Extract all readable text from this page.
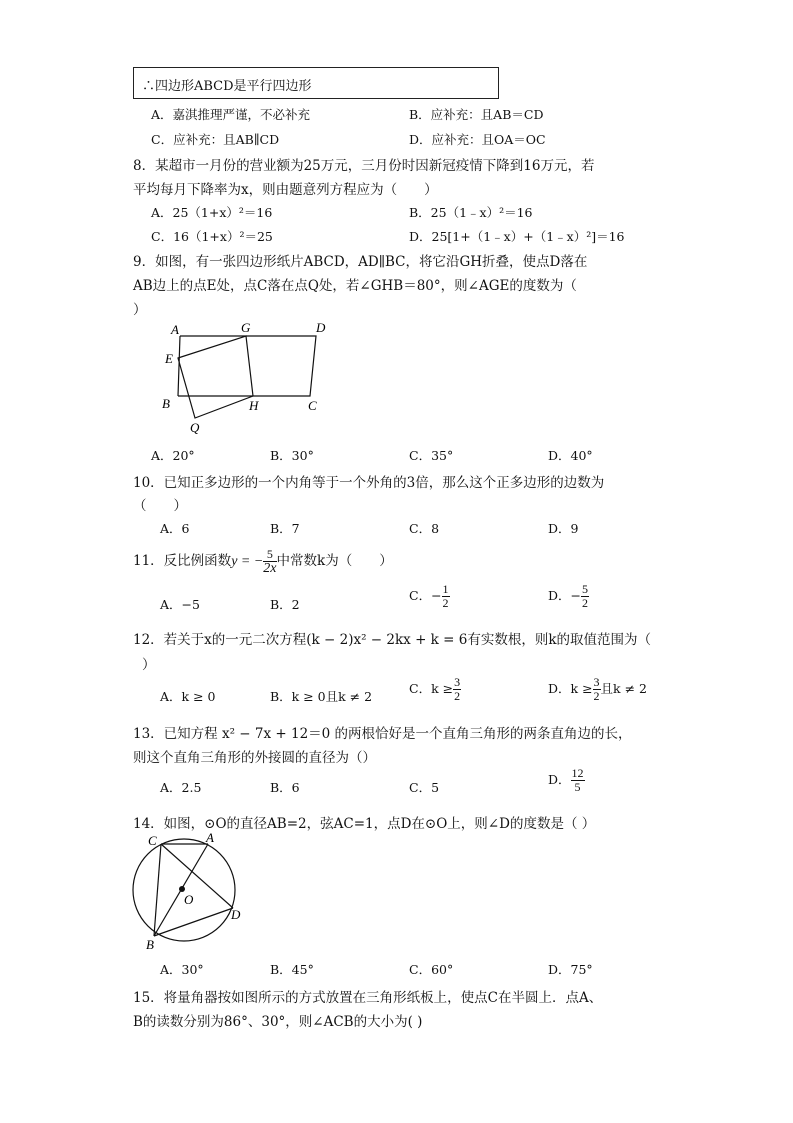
∴四边形ABCD是平行四边形
A．嘉淇推理严谨，不必补充	B．应补充：且AB＝CD
C．应补充：且AB∥CD	D．应补充：且OA＝OC
8．某超市一月份的营业额为25万元，三月份时因新冠疫情下降到16万元，若
平均每月下降率为x，则由题意列方程应为（　　）
A．25（1+x）²＝16	B．25（1﹣x）²＝16
C．16（1+x）²＝25	D．25[1+（1﹣x）+（1﹣x）²]＝16
9．如图，有一张四边形纸片ABCD，AD∥BC，将它沿GH折叠，使点D落在
AB边上的点E处，点C落在点Q处，若∠GHB＝80°，则∠AGE的度数为（
）
A	G	D
E
B	H	C
Q
A．20°	B．30°	C．35°	D．40°
10．已知正多边形的一个内角等于一个外角的3倍，那么这个正多边形的边数为
（　　）
A．6	B．7	C．8	D．9
11．反比例函数y = − $\frac{5}{2x}$ 中常数k为（　　）
A．−5	B．2
C．− $\frac{1}{2}$	D．− $\frac{5}{2}$
12．若关于x的一元二次方程(k − 2)x² − 2kx + k = 6有实数根，则k的取值范围为（
）
A．k ≥ 0	B．k ≥ 0且k ≠ 2
C．$k \ge \frac{3}{2}$	D．$k \ge \frac{3}{2}$ 且k ≠ 2
13．已知方程 x² − 7x + 12＝0 的两根恰好是一个直角三角形的两条直角边的长，
则这个直角三角形的外接圆的直径为（）
A．2.5	B．6	C．5
D． $\frac{12}{5}$
14．如图，⊙O的直径AB=2，弦AC=1，点D在⊙O上，则∠D的度数是（ ）
C	A
O
D
B
A．30°	B．45°	C．60°	D．75°
15．将量角器按如图所示的方式放置在三角形纸板上，使点C在半圆上．点A、
B的读数分别为86°、30°，则∠ACB的大小为( )
